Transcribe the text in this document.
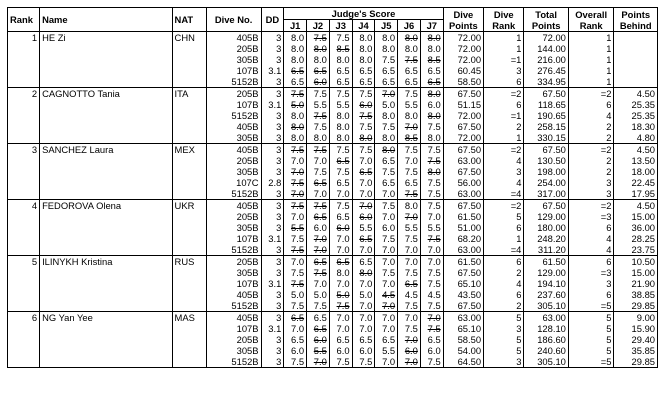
Rank	Name	NAT	Dive No.	DD	Judge's Score							Dive Points	Dive Rank	Total Points	Overall Rank	Points Behind
					J1	J2	J3	J4	J5	J6	J7					
1	HE Zi	CHN	405B	3	8.0	7.5	7.5	8.0	8.0	8.0	8.0	72.00	1	72.00	1	
			205B	3	8.0	8.0	8.5	8.0	8.0	8.0	8.0	72.00	1	144.00	1	
			305B	3	8.0	8.0	8.0	8.0	7.5	7.5	8.5	72.00	=1	216.00	1	
			107B	3.1	6.5	6.5	6.5	6.5	6.5	6.5	6.5	60.45	3	276.45	1	
			5152B	3	6.5	6.0	6.5	6.5	6.5	6.5	6.5	58.50	6	334.95	1	
2	CAGNOTTO Tania	ITA	205B	3	7.5	7.5	7.5	7.5	7.0	7.5	8.0	67.50	=2	67.50	=2	4.50
			107B	3.1	5.0	5.5	5.5	6.0	5.0	5.5	6.0	51.15	6	118.65	6	25.35
			5152B	3	8.0	7.5	8.0	7.5	8.0	8.0	8.0	72.00	=1	190.65	4	25.35
			405B	3	8.0	7.5	8.0	7.5	7.5	7.0	7.5	67.50	2	258.15	2	18.30
			305B	3	8.0	8.0	8.0	8.0	8.0	8.5	8.0	72.00	1	330.15	2	4.80
3	SANCHEZ Laura	MEX	405B	3	7.5	7.5	7.5	7.5	8.0	7.5	7.5	67.50	=2	67.50	=2	4.50
			205B	3	7.0	7.0	6.5	7.0	6.5	7.0	7.5	63.00	4	130.50	2	13.50
			305B	3	7.0	7.5	7.5	6.5	7.5	7.5	8.0	67.50	3	198.00	2	18.00
			107C	2.8	7.5	6.5	6.5	7.0	6.5	6.5	7.5	56.00	4	254.00	3	22.45
			5152B	3	7.0	7.0	7.0	7.0	7.0	7.5	7.5	63.00	=4	317.00	3	17.95
4	FEDOROVA Olena	UKR	405B	3	7.5	7.5	7.5	7.0	7.5	8.0	7.5	67.50	=2	67.50	=2	4.50
			205B	3	7.0	6.5	6.5	6.0	7.0	7.0	7.0	61.50	5	129.00	=3	15.00
			305B	3	5.5	6.0	6.0	5.5	6.0	5.5	5.5	51.00	6	180.00	6	36.00
			107B	3.1	7.5	7.0	7.0	6.5	7.5	7.5	7.5	68.20	1	248.20	4	28.25
			5152B	3	7.5	7.0	7.0	7.0	7.0	7.0	7.0	63.00	=4	311.20	4	23.75
5	ILINYKH Kristina	RUS	205B	3	7.0	6.5	6.5	6.5	7.0	7.0	7.0	61.50	6	61.50	6	10.50
			305B	3	7.5	7.5	8.0	8.0	7.5	7.5	7.5	67.50	2	129.00	=3	15.00
			107B	3.1	7.5	7.0	7.0	7.0	7.0	6.5	7.5	65.10	4	194.10	3	21.90
			405B	3	5.0	5.0	5.0	5.0	4.5	4.5	4.5	43.50	6	237.60	6	38.85
			5152B	3	7.5	7.5	7.5	7.0	7.0	7.5	7.5	67.50	2	305.10	=5	29.85
6	NG Yan Yee	MAS	405B	3	6.5	6.5	7.0	7.0	7.0	7.0	7.0	63.00	5	63.00	5	9.00
			107B	3.1	7.0	6.5	7.0	7.0	7.0	7.5	7.5	65.10	3	128.10	5	15.90
			205B	3	6.5	6.0	6.5	6.5	6.5	7.0	6.5	58.50	5	186.60	5	29.40
			305B	3	6.0	5.5	6.0	6.0	5.5	6.0	6.0	54.00	5	240.60	5	35.85
			5152B	3	7.5	7.0	7.5	7.5	7.0	7.0	7.5	64.50	3	305.10	=5	29.85
